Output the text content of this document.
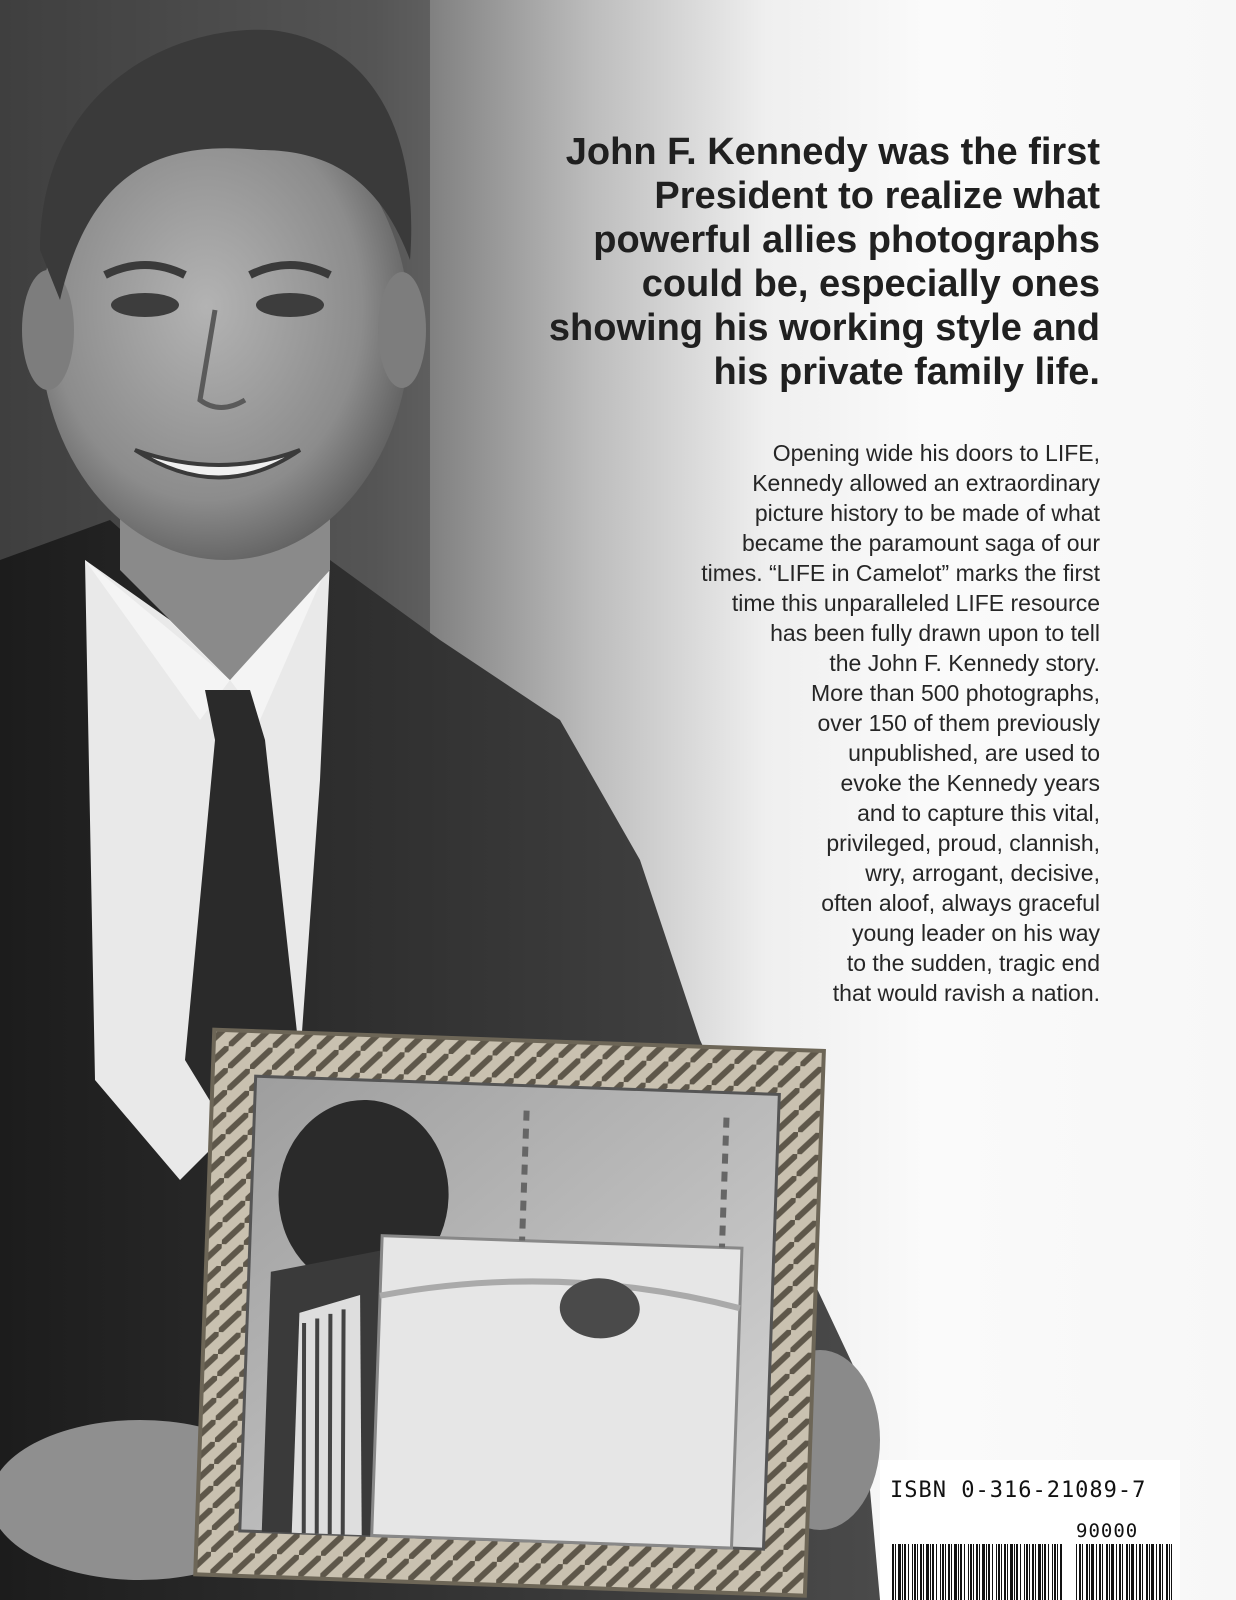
John F. Kennedy was the first
President to realize what
powerful allies photographs
could be, especially ones
showing his working style and
his private family life.

Opening wide his doors to LIFE,
Kennedy allowed an extraordinary
picture history to be made of what
became the paramount saga of our
times. “LIFE in Camelot” marks the first
time this unparalleled LIFE resource
has been fully drawn upon to tell
the John F. Kennedy story.
More than 500 photographs,
over 150 of them previously
unpublished, are used to
evoke the Kennedy years
and to capture this vital,
privileged, proud, clannish,
wry, arrogant, decisive,
often aloof, always graceful
young leader on his way
to the sudden, tragic end
that would ravish a nation.

ISBN 0-316-21089-7
90000
